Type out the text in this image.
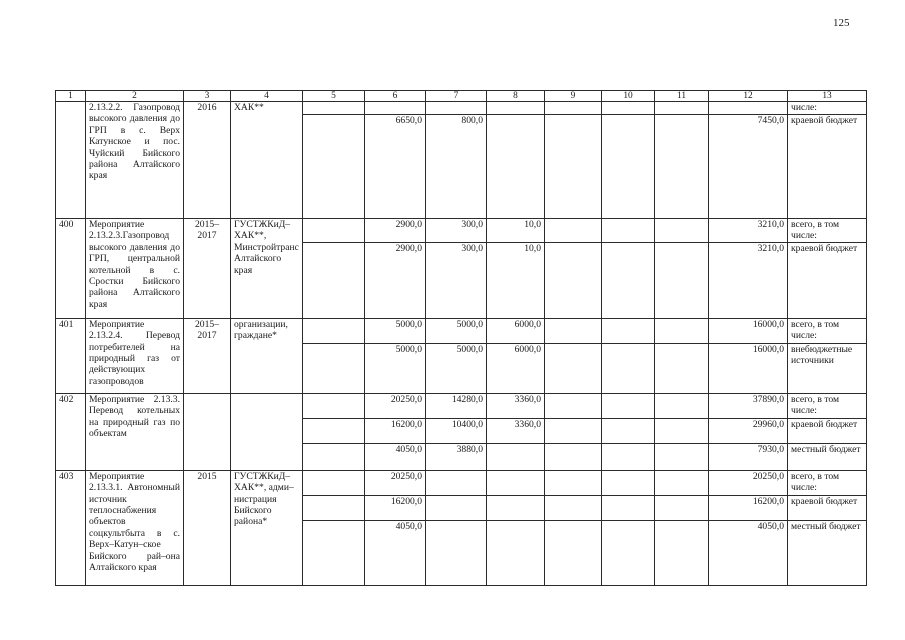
125
1	2	3	4	5	6	7	8	9	10	11	12	13
	2.13.2.2. Газопровод высокого давления до ГРП в с. Верх Катунское и пос. Чуйский Бийского района Алтайского края	2016	ХАК**									числе:
					6650,0	800,0					7450,0	краевой бюджет
400	Мероприятие 2.13.2.3.Газопровод высокого давления до ГРП, центральной котельной в с. Сростки Бийского района Алтайского края	2015– 2017	ГУСТЖКиД– ХАК**, Минстройтранс Алтайского края		2900,0	300,0	10,0				3210,0	всего, в том числе:
					2900,0	300,0	10,0				3210,0	краевой бюджет
401	Мероприятие 2.13.2.4. Перевод потребителей на природный газ от действующих газопроводов	2015– 2017	организации, граждане*		5000,0	5000,0	6000,0				16000,0	всего, в том числе:
					5000,0	5000,0	6000,0				16000,0	внебюджетные источники
402	Мероприятие 2.13.3. Перевод котельных на природный газ по объектам				20250,0	14280,0	3360,0				37890,0	всего, в том числе:
					16200,0	10400,0	3360,0				29960,0	краевой бюджет
					4050,0	3880,0					7930,0	местный бюджет
403	Мероприятие 2.13.3.1. Автономный источник теплоснабжения объектов соцкультбыта в с. Верх–Катун–ское Бийского рай–она Алтайского края	2015	ГУСТЖКиД– ХАК**, адми– нистрация Бийского района*		20250,0						20250,0	всего, в том числе:
					16200,0						16200,0	краевой бюджет
					4050,0						4050,0	местный бюджет
